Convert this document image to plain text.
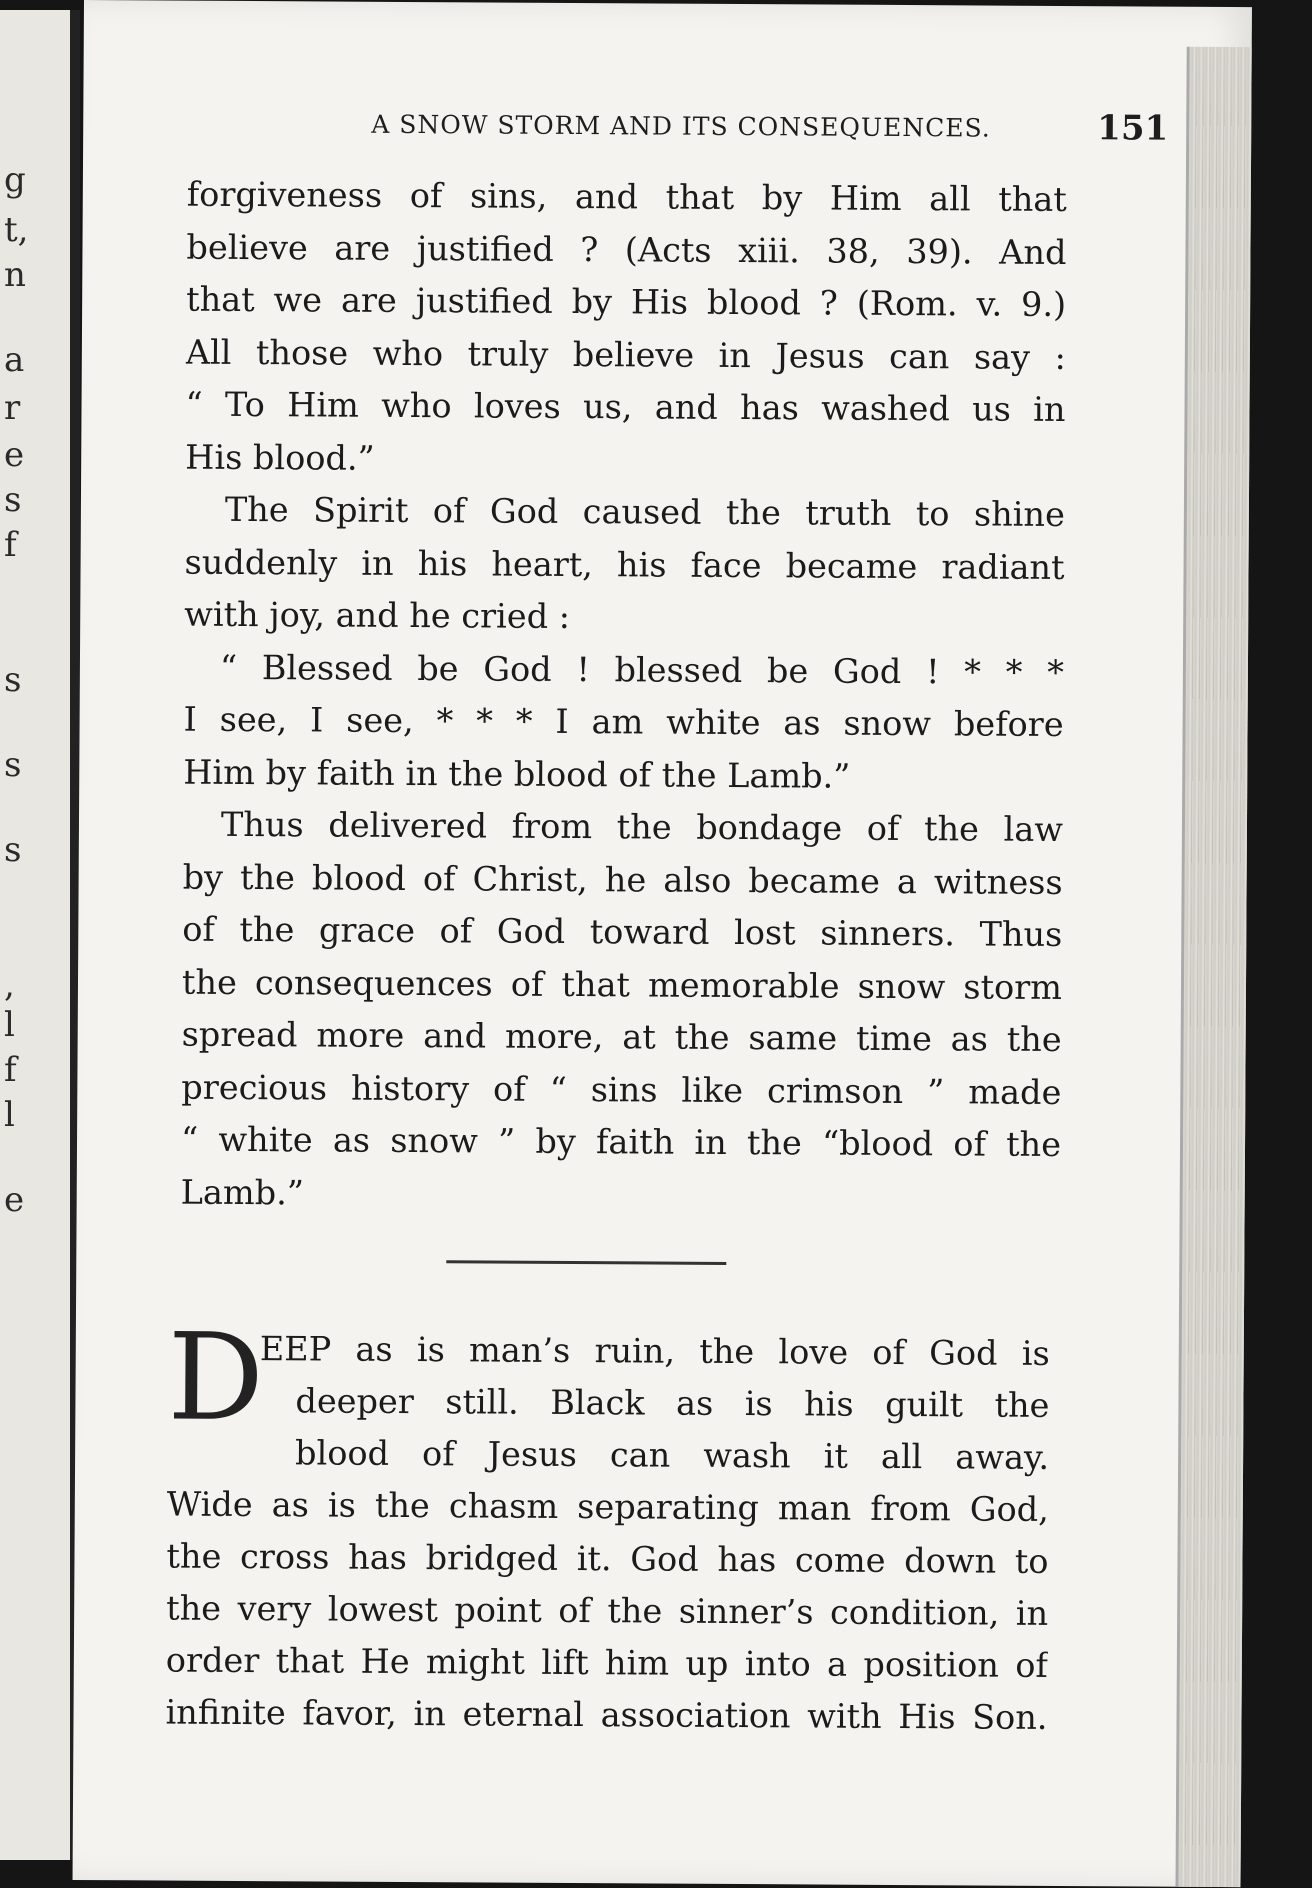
g
t,
n
a
r
e
s
f
s
s
s
,
l
f
l
e
A SNOW STORM AND ITS CONSEQUENCES.	151

forgiveness of sins, and that by Him all that
believe are justified ? (Acts xiii. 38, 39). And
that we are justified by His blood ? (Rom. v. 9.)
All those who truly believe in Jesus can say :
“ To Him who loves us, and has washed us in
His blood.”

The Spirit of God caused the truth to shine
suddenly in his heart, his face became radiant
with joy, and he cried :

“ Blessed be God ! blessed be God ! * * *
I see, I see, * * * I am white as snow before
Him by faith in the blood of the Lamb.”

Thus delivered from the bondage of the law
by the blood of Christ, he also became a witness
of the grace of God toward lost sinners. Thus
the consequences of that memorable snow storm
spread more and more, at the same time as the
precious history of “ sins like crimson ” made
“ white as snow ” by faith in the “blood of the
Lamb.”

D
EEP as is man’s ruin, the love of God is
deeper still. Black as is his guilt the
blood of Jesus can wash it all away.
Wide as is the chasm separating man from God,
the cross has bridged it. God has come down to
the very lowest point of the sinner’s condition, in
order that He might lift him up into a position of
infinite favor, in eternal association with His Son.
